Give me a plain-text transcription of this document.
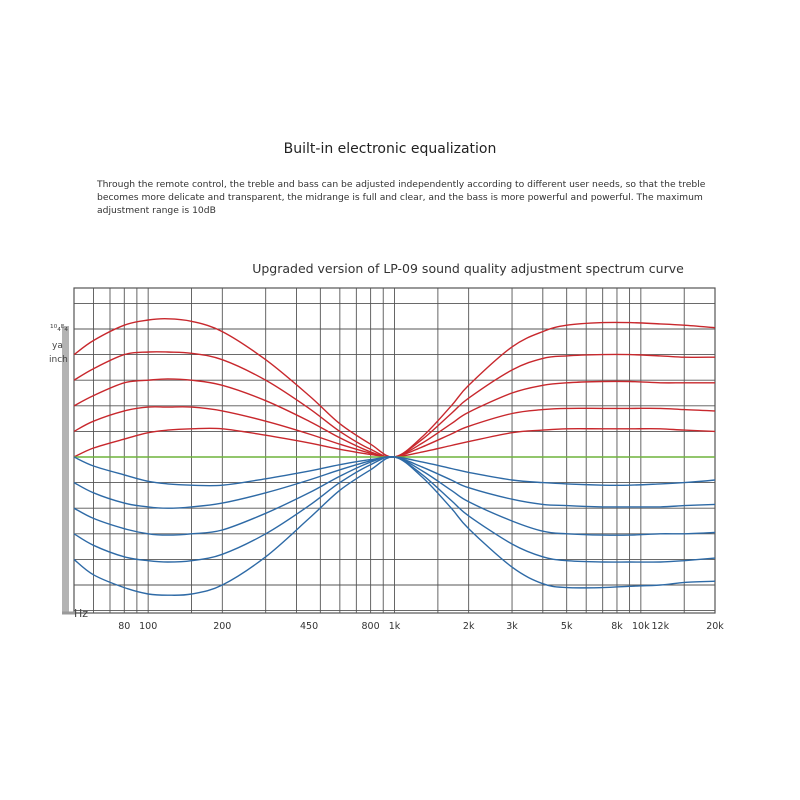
Built-in electronic equalization

Through the remote control, the treble and bass can be adjusted independently according to different user needs, so that the treble becomes more delicate and transparent, the midrange is full and clear, and the bass is more powerful and powerful. The maximum adjustment range is 10dB

Upgraded version of LP-09 sound quality adjustment spectrum curve

80 100	200	450	800 1k	2k	3k	5k	8k 10k 12k	20k
Hz
¹⁰₄ᴱ₄
ya
inch
